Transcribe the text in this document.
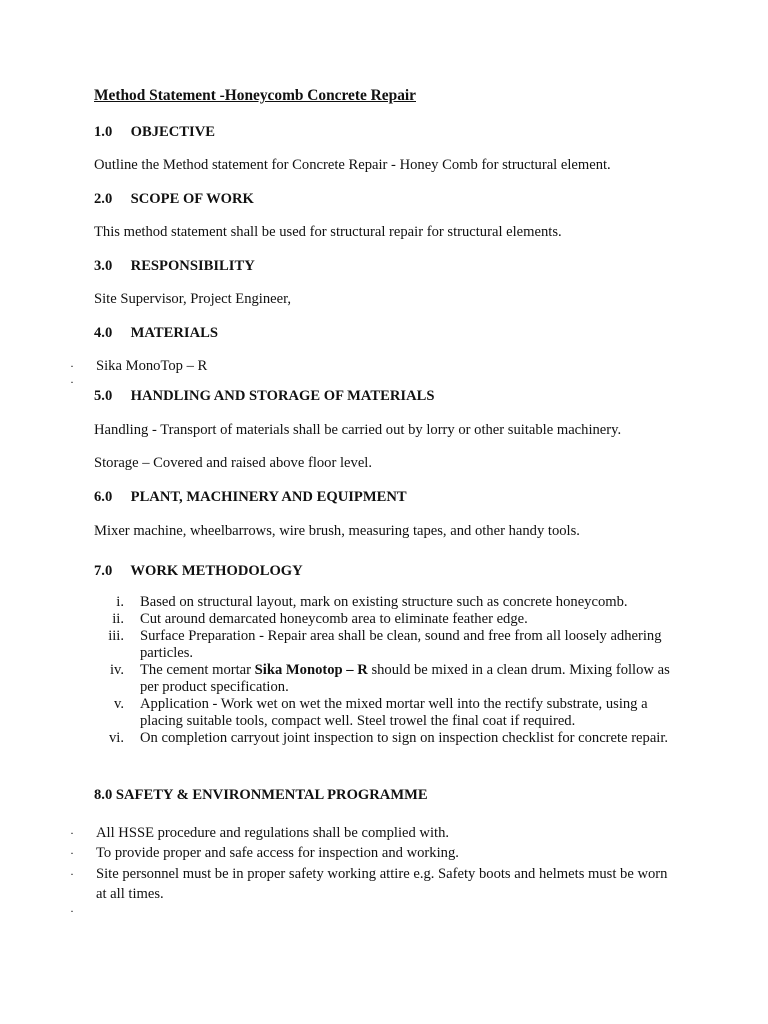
Method Statement -Honeycomb Concrete Repair
1.0 OBJECTIVE
Outline the Method statement for Concrete Repair - Honey Comb for structural element.
2.0 SCOPE OF WORK
This method statement shall be used for structural repair for structural elements.
3.0 RESPONSIBILITY
Site Supervisor, Project Engineer,
4.0 MATERIALS
·	Sika MonoTop – R
·
5.0 HANDLING AND STORAGE OF MATERIALS
Handling - Transport of materials shall be carried out by lorry or other suitable machinery.
Storage – Covered and raised above floor level.
6.0 PLANT, MACHINERY AND EQUIPMENT
Mixer machine, wheelbarrows, wire brush, measuring tapes, and other handy tools.
7.0 WORK METHODOLOGY
i.	Based on structural layout, mark on existing structure such as concrete honeycomb.
ii.	Cut around demarcated honeycomb area to eliminate feather edge.
iii.	Surface Preparation - Repair area shall be clean, sound and free from all loosely adhering particles.
iv.	The cement mortar Sika Monotop – R should be mixed in a clean drum. Mixing follow as per product specification.
v.	Application - Work wet on wet the mixed mortar well into the rectify substrate, using a placing suitable tools, compact well. Steel trowel the final coat if required.
vi.	On completion carryout joint inspection to sign on inspection checklist for concrete repair.
8.0 SAFETY & ENVIRONMENTAL PROGRAMME
·	All HSSE procedure and regulations shall be complied with.
·	To provide proper and safe access for inspection and working.
·	Site personnel must be in proper safety working attire e.g. Safety boots and helmets must be worn at all times.
·
